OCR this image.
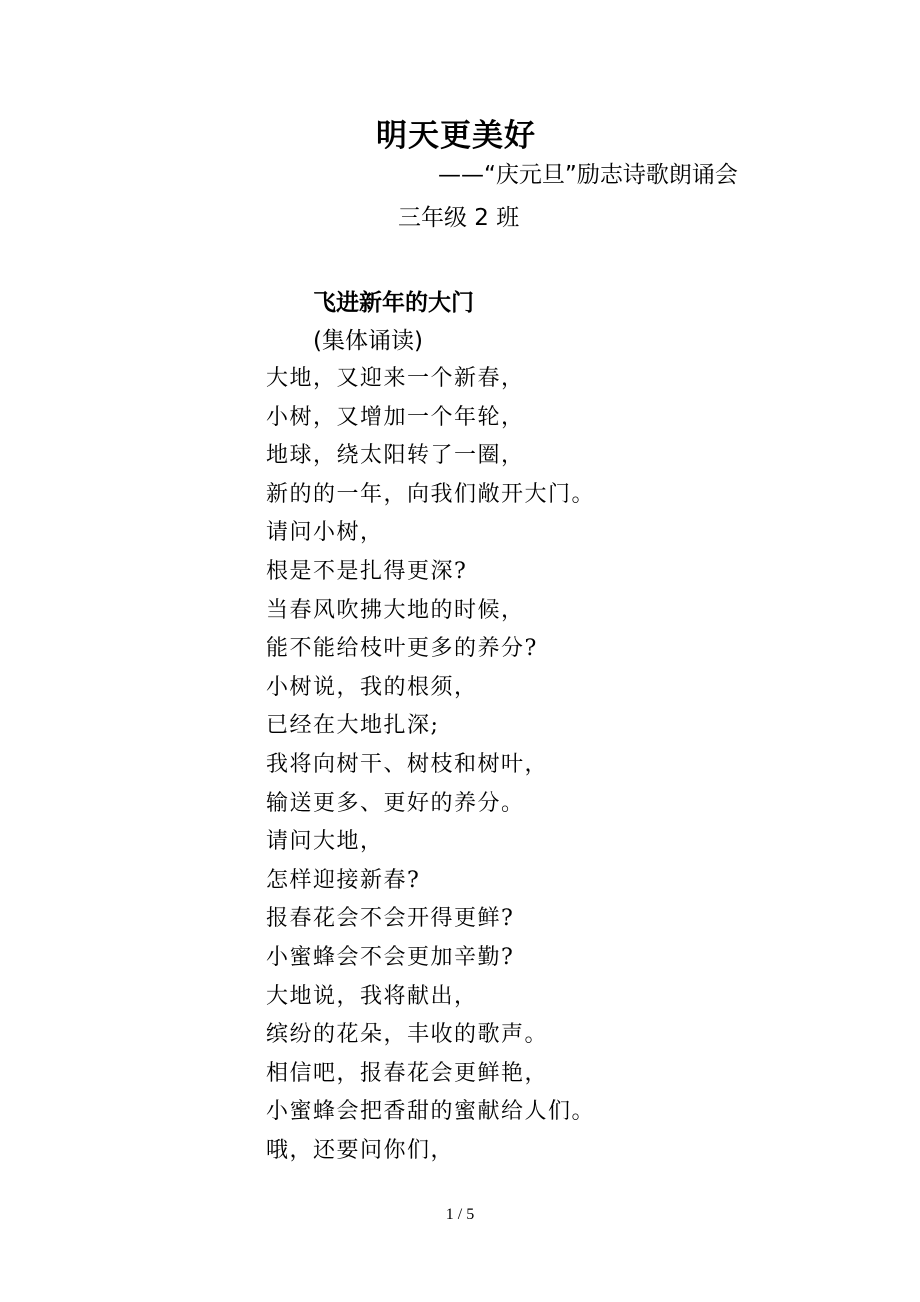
明天更美好
——“庆元旦”励志诗歌朗诵会
三年级 2 班
飞进新年的大门
(集体诵读)
大地，又迎来一个新春，
小树，又增加一个年轮，
地球，绕太阳转了一圈，
新的的一年，向我们敞开大门。
请问小树，
根是不是扎得更深?
当春风吹拂大地的时候，
能不能给枝叶更多的养分?
小树说，我的根须，
已经在大地扎深;
我将向树干、树枝和树叶，
输送更多、更好的养分。
请问大地，
怎样迎接新春?
报春花会不会开得更鲜?
小蜜蜂会不会更加辛勤?
大地说，我将献出，
缤纷的花朵，丰收的歌声。
相信吧，报春花会更鲜艳，
小蜜蜂会把香甜的蜜献给人们。
哦，还要问你们，
1 / 5
